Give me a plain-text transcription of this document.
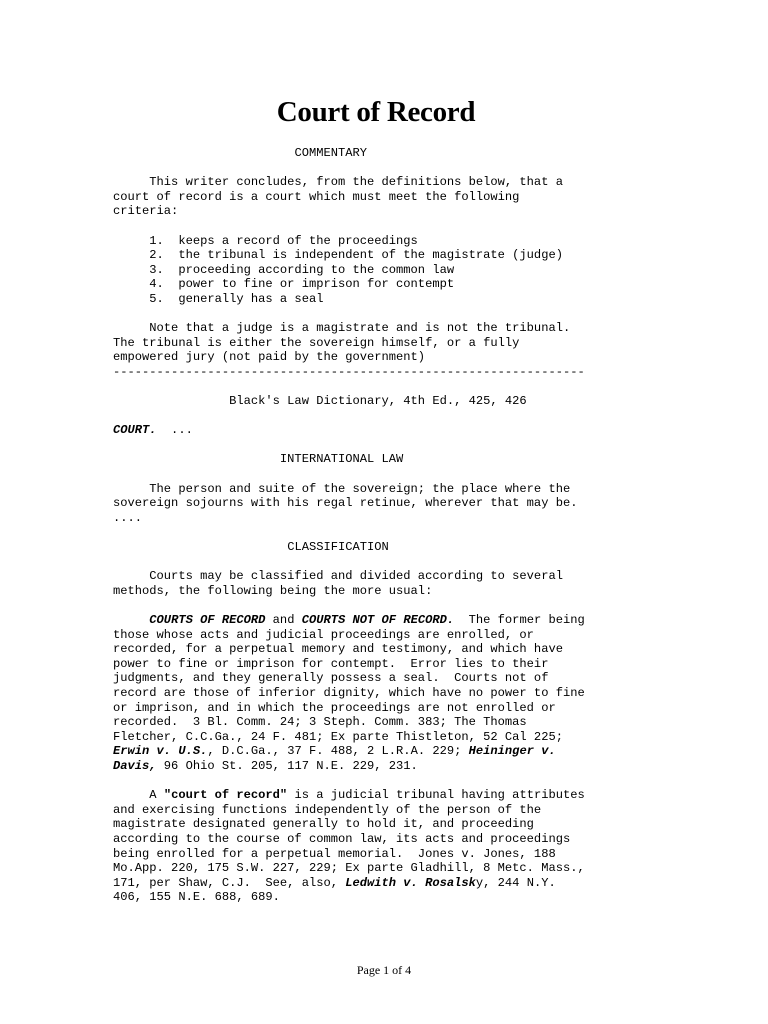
Court of Record
COMMENTARY

This writer concludes, from the definitions below, that a
court of record is a court which must meet the following
criteria:

1.  keeps a record of the proceedings
2.  the tribunal is independent of the magistrate (judge)
3.  proceeding according to the common law
4.  power to fine or imprison for contempt
5.  generally has a seal

Note that a judge is a magistrate and is not the tribunal.
The tribunal is either the sovereign himself, or a fully
empowered jury (not paid by the government)
-----------------------------------------------------------------

Black's Law Dictionary, 4th Ed., 425, 426

COURT.  ...

INTERNATIONAL LAW

The person and suite of the sovereign; the place where the
sovereign sojourns with his regal retinue, wherever that may be.
....

CLASSIFICATION

Courts may be classified and divided according to several
methods, the following being the more usual:

COURTS OF RECORD and COURTS NOT OF RECORD.  The former being
those whose acts and judicial proceedings are enrolled, or
recorded, for a perpetual memory and testimony, and which have
power to fine or imprison for contempt.  Error lies to their
judgments, and they generally possess a seal.  Courts not of
record are those of inferior dignity, which have no power to fine
or imprison, and in which the proceedings are not enrolled or
recorded.  3 Bl. Comm. 24; 3 Steph. Comm. 383; The Thomas
Fletcher, C.C.Ga., 24 F. 481; Ex parte Thistleton, 52 Cal 225;
Erwin v. U.S., D.C.Ga., 37 F. 488, 2 L.R.A. 229; Heininger v.
Davis, 96 Ohio St. 205, 117 N.E. 229, 231.

A "court of record" is a judicial tribunal having attributes
and exercising functions independently of the person of the
magistrate designated generally to hold it, and proceeding
according to the course of common law, its acts and proceedings
being enrolled for a perpetual memorial.  Jones v. Jones, 188
Mo.App. 220, 175 S.W. 227, 229; Ex parte Gladhill, 8 Metc. Mass.,
171, per Shaw, C.J.  See, also, Ledwith v. Rosalsky, 244 N.Y.
406, 155 N.E. 688, 689.
Page 1 of 4
